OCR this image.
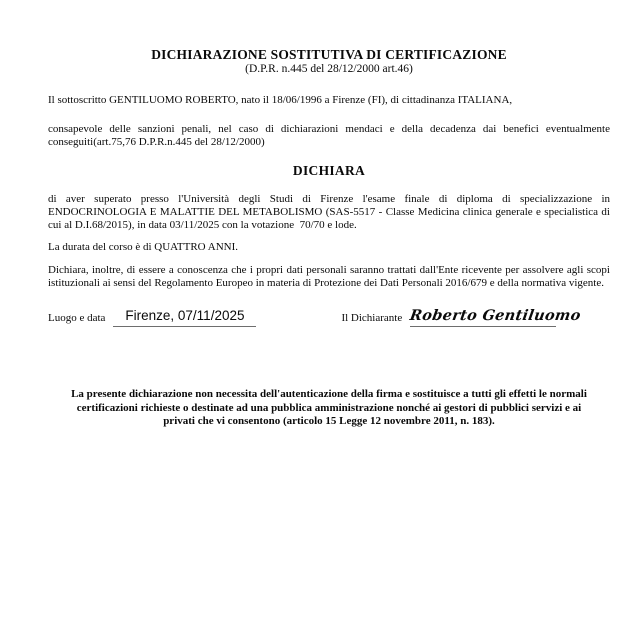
DICHIARAZIONE SOSTITUTIVA DI CERTIFICAZIONE
(D.P.R. n.445 del 28/12/2000 art.46)

Il sottoscritto GENTILUOMO ROBERTO, nato il 18/06/1996 a Firenze (FI), di cittadinanza ITALIANA,

consapevole delle sanzioni penali, nel caso di dichiarazioni mendaci e della decadenza dai benefici eventualmente conseguiti(art.75,76 D.P.R.n.445 del 28/12/2000)

DICHIARA

di aver superato presso l'Università degli Studi di Firenze l'esame finale di diploma di specializzazione in ENDOCRINOLOGIA E MALATTIE DEL METABOLISMO (SAS-5517 - Classe Medicina clinica generale e specialistica di cui al D.I.68/2015), in data 03/11/2025 con la votazione  70/70 e lode.

La durata del corso è di QUATTRO ANNI.

Dichiara, inoltre, di essere a conoscenza che i propri dati personali saranno trattati dall'Ente ricevente per assolvere agli scopi istituzionali ai sensi del Regolamento Europeo in materia di Protezione dei Dati Personali 2016/679 e della normativa vigente.

Luogo e data	Firenze, 07/11/2025	Il Dichiarante Roberto Gentiluomo
La presente dichiarazione non necessita dell'autenticazione della firma e sostituisce a tutti gli effetti le normali certificazioni richieste o destinate ad una pubblica amministrazione nonché ai gestori di pubblici servizi e ai privati che vi consentono (articolo 15 Legge 12 novembre 2011, n. 183).
